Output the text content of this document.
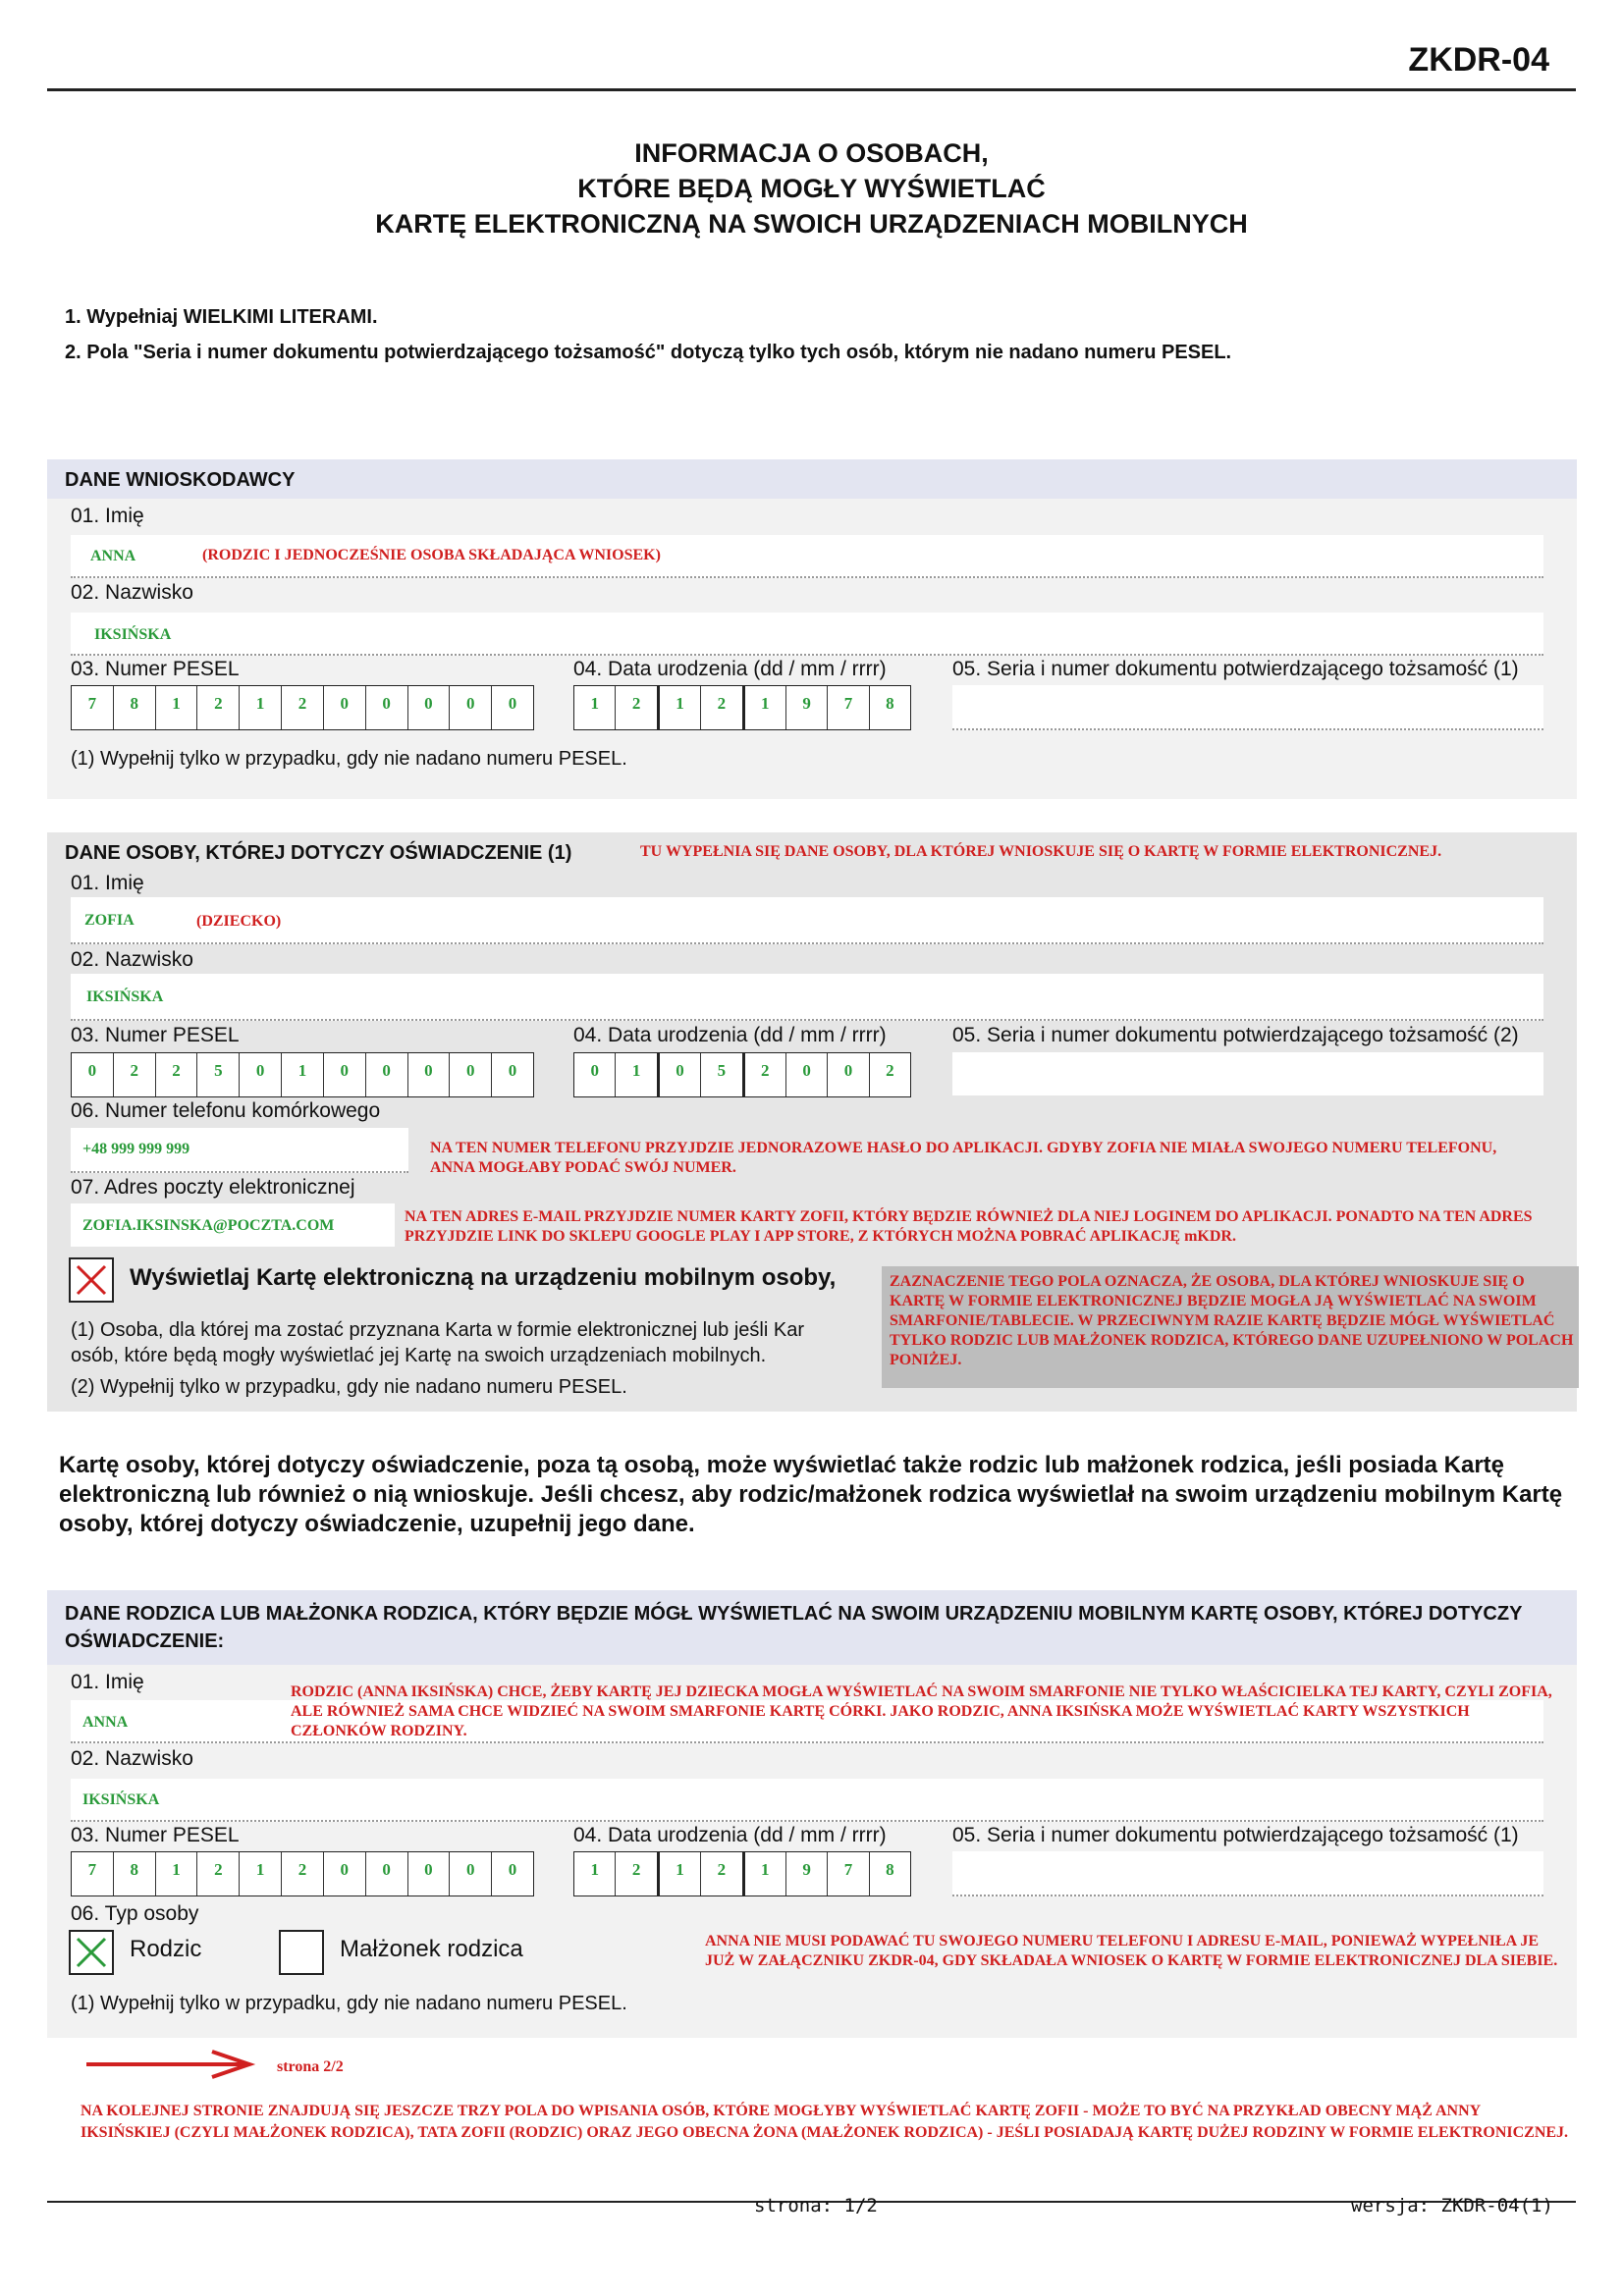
ZKDR-04
INFORMACJA O OSOBACH,
KTÓRE BĘDĄ MOGŁY WYŚWIETLAĆ
KARTĘ ELEKTRONICZNĄ NA SWOICH URZĄDZENIACH MOBILNYCH
1. Wypełniaj WIELKIMI LITERAMI.
2. Pola "Seria i numer dokumentu potwierdzającego tożsamość" dotyczą tylko tych osób, którym nie nadano numeru PESEL.
DANE WNIOSKODAWCY
01. Imię
ANNA	(RODZIC I JEDNOCZEŚNIE OSOBA SKŁADAJĄCA WNIOSEK)
02. Nazwisko
IKSIŃSKA
03. Numer PESEL
7	8	1	2	1	2	0	0	0	0	0
04. Data urodzenia (dd / mm / rrrr)
1	2	1	2	1	9	7	8
05. Seria i numer dokumentu potwierdzającego tożsamość (1)
(1) Wypełnij tylko w przypadku, gdy nie nadano numeru PESEL.
DANE OSOBY, KTÓREJ DOTYCZY OŚWIADCZENIE (1)	TU WYPEŁNIA SIĘ DANE OSOBY, DLA KTÓREJ WNIOSKUJE SIĘ O KARTĘ W FORMIE ELEKTRONICZNEJ.
01. Imię
ZOFIA	(DZIECKO)
02. Nazwisko
IKSIŃSKA
03. Numer PESEL
0	2	2	5	0	1	0	0	0	0	0
04. Data urodzenia (dd / mm / rrrr)
0	1	0	5	2	0	0	2
05. Seria i numer dokumentu potwierdzającego tożsamość (2)
06. Numer telefonu komórkowego
+48 999 999 999	NA TEN NUMER TELEFONU PRZYJDZIE JEDNORAZOWE HASŁO DO APLIKACJI. GDYBY ZOFIA NIE MIAŁA SWOJEGO NUMERU TELEFONU, ANNA MOGŁABY PODAĆ SWÓJ NUMER.
07. Adres poczty elektronicznej
ZOFIA.IKSINSKA@POCZTA.COM
NA TEN ADRES E-MAIL PRZYJDZIE NUMER KARTY ZOFII, KTÓRY BĘDZIE RÓWNIEŻ DLA NIEJ LOGINEM DO APLIKACJI. PONADTO NA TEN ADRES PRZYJDZIE LINK DO SKLEPU GOOGLE PLAY I APP STORE, Z KTÓRYCH MOŻNA POBRAĆ APLIKACJĘ mKDR.
Wyświetlaj Kartę elektroniczną na urządzeniu mobilnym osoby,	ZAZNACZENIE TEGO POLA OZNACZA, ŻE OSOBA, DLA KTÓREJ WNIOSKUJE SIĘ O KARTĘ W FORMIE ELEKTRONICZNEJ BĘDZIE MOGŁA JĄ WYŚWIETLAĆ NA SWOIM SMARFONIE/TABLECIE. W PRZECIWNYM RAZIE KARTĘ BĘDZIE MÓGŁ WYŚWIETLAĆ TYLKO RODZIC LUB MAŁŻONEK RODZICA, KTÓREGO DANE UZUPEŁNIONO W POLACH PONIŻEJ.
(1) Osoba, dla której ma zostać przyznana Karta w formie elektronicznej lub jeśli Kar
osób, które będą mogły wyświetlać jej Kartę na swoich urządzeniach mobilnych.
(2) Wypełnij tylko w przypadku, gdy nie nadano numeru PESEL.
Kartę osoby, której dotyczy oświadczenie, poza tą osobą, może wyświetlać także rodzic lub małżonek rodzica, jeśli posiada Kartę elektroniczną lub również o nią wnioskuje. Jeśli chcesz, aby rodzic/małżonek rodzica wyświetlał na swoim urządzeniu mobilnym Kartę osoby, której dotyczy oświadczenie, uzupełnij jego dane.
DANE RODZICA LUB MAŁŻONKA RODZICA, KTÓRY BĘDZIE MÓGŁ WYŚWIETLAĆ NA SWOIM URZĄDZENIU MOBILNYM KARTĘ OSOBY, KTÓREJ DOTYCZY OŚWIADCZENIE:
01. Imię
ANNA
RODZIC (ANNA IKSIŃSKA) CHCE, ŻEBY KARTĘ JEJ DZIECKA MOGŁA WYŚWIETLAĆ NA SWOIM SMARFONIE NIE TYLKO WŁAŚCICIELKA TEJ KARTY, CZYLI ZOFIA, ALE RÓWNIEŻ SAMA CHCE WIDZIEĆ NA SWOIM SMARFONIE KARTĘ CÓRKI. JAKO RODZIC, ANNA IKSIŃSKA MOŻE WYŚWIETLAĆ KARTY WSZYSTKICH CZŁONKÓW RODZINY.
02. Nazwisko
IKSIŃSKA
03. Numer PESEL
7	8	1	2	1	2	0	0	0	0	0
04. Data urodzenia (dd / mm / rrrr)
1	2	1	2	1	9	7	8
05. Seria i numer dokumentu potwierdzającego tożsamość (1)
06. Typ osoby
Rodzic	Małżonek rodzica	ANNA NIE MUSI PODAWAĆ TU SWOJEGO NUMERU TELEFONU I ADRESU E-MAIL, PONIEWAŻ WYPEŁNIŁA JE JUŻ W ZAŁĄCZNIKU ZKDR-04, GDY SKŁADAŁA WNIOSEK O KARTĘ W FORMIE ELEKTRONICZNEJ DLA SIEBIE.
(1) Wypełnij tylko w przypadku, gdy nie nadano numeru PESEL.
strona 2/2
NA KOLEJNEJ STRONIE ZNAJDUJĄ SIĘ JESZCZE TRZY POLA DO WPISANIA OSÓB, KTÓRE MOGŁYBY WYŚWIETLAĆ KARTĘ ZOFII - MOŻE TO BYĆ NA PRZYKŁAD OBECNY MĄŻ ANNY IKSIŃSKIEJ (CZYLI MAŁŻONEK RODZICA), TATA ZOFII (RODZIC) ORAZ JEGO OBECNA ŻONA (MAŁŻONEK RODZICA) - JEŚLI POSIADAJĄ KARTĘ DUŻEJ RODZINY W FORMIE ELEKTRONICZNEJ.
strona: 1/2	wersja: ZKDR-04(1)
